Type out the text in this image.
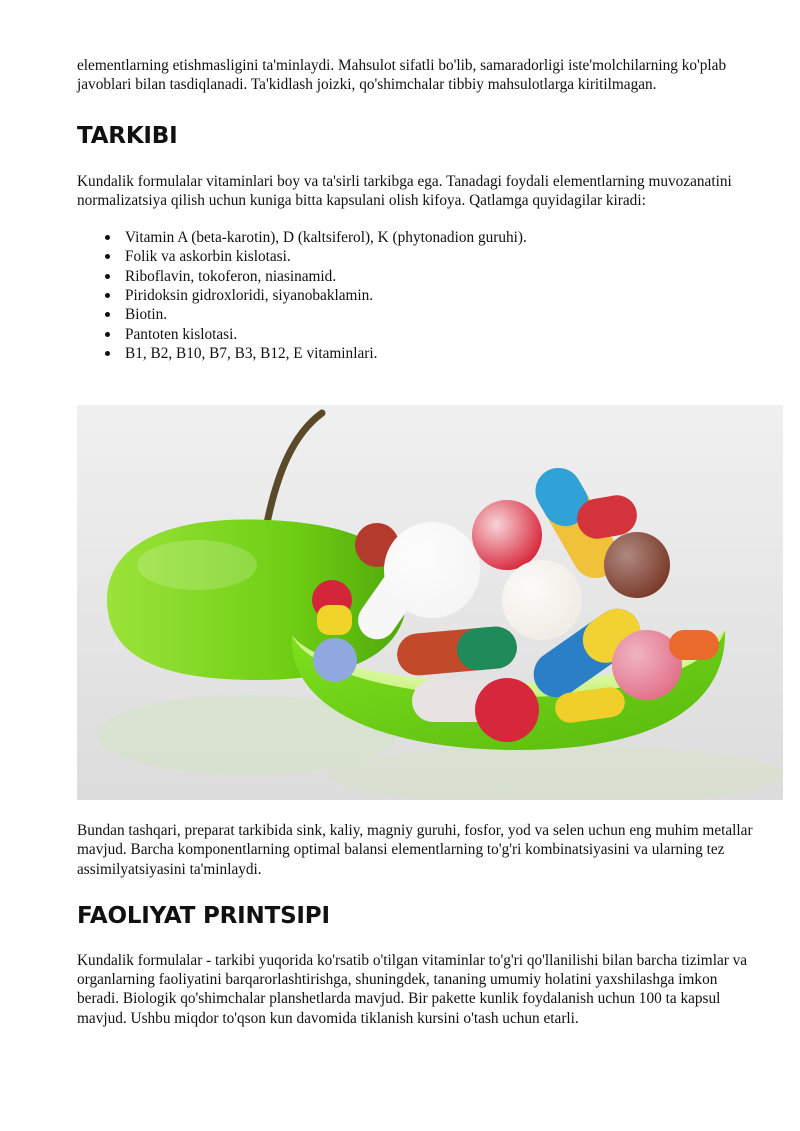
elementlarning etishmasligini ta'minlaydi. Mahsulot sifatli bo'lib, samaradorligi iste'molchilarning ko'plab javoblari bilan tasdiqlanadi. Ta'kidlash joizki, qo'shimchalar tibbiy mahsulotlarga kiritilmagan.

TARKIBI

Kundalik formulalar vitaminlari boy va ta'sirli tarkibga ega. Tanadagi foydali elementlarning muvozanatini normalizatsiya qilish uchun kuniga bitta kapsulani olish kifoya. Qatlamga quyidagilar kiradi:

Vitamin A (beta-karotin), D (kaltsiferol), K (phytonadion guruhi).
Folik va askorbin kislotasi.
Riboflavin, tokoferon, niasinamid.
Piridoksin gidroxloridi, siyanobaklamin.
Biotin.
Pantoten kislotasi.
B1, B2, B10, B7, B3, B12, E vitaminlari.

Bundan tashqari, preparat tarkibida sink, kaliy, magniy guruhi, fosfor, yod va selen uchun eng muhim metallar mavjud. Barcha komponentlarning optimal balansi elementlarning to'g'ri kombinatsiyasini va ularning tez assimilyatsiyasini ta'minlaydi.

FAOLIYAT PRINTSIPI

Kundalik formulalar - tarkibi yuqorida ko'rsatib o'tilgan vitaminlar to'g'ri qo'llanilishi bilan barcha tizimlar va organlarning faoliyatini barqarorlashtirishga, shuningdek, tananing umumiy holatini yaxshilashga imkon beradi. Biologik qo'shimchalar planshetlarda mavjud. Bir pakette kunlik foydalanish uchun 100 ta kapsul mavjud. Ushbu miqdor to'qson kun davomida tiklanish kursini o'tash uchun etarli.
